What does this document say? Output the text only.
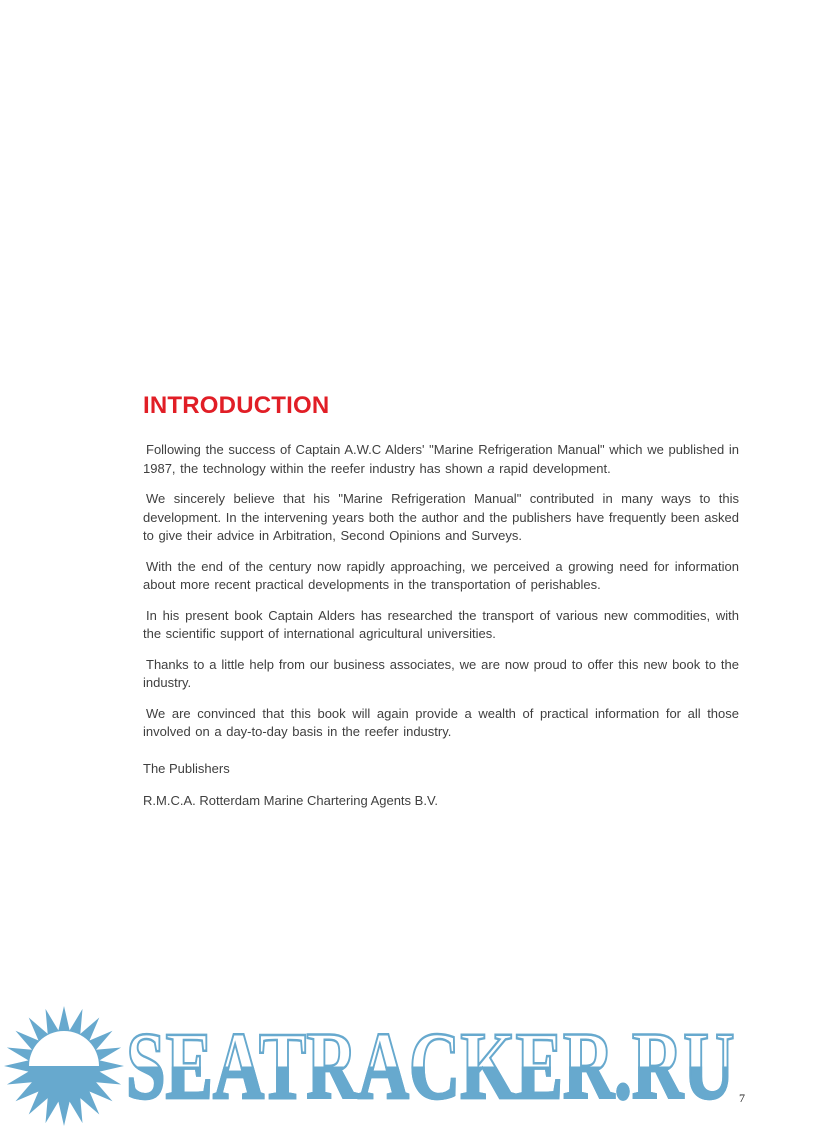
INTRODUCTION

Following the success of Captain A.W.C Alders' "Marine Refrigeration Manual" which we published in 1987, the technology within the reefer industry has shown a rapid development.

We sincerely believe that his "Marine Refrigeration Manual" contributed in many ways to this development. In the intervening years both the author and the publishers have frequently been asked to give their advice in Arbitration, Second Opinions and Surveys.

With the end of the century now rapidly approaching, we perceived a growing need for information about more recent practical developments in the transportation of perishables.

In his present book Captain Alders has researched the transport of various new commodities, with the scientific support of international agricultural universities.

Thanks to a little help from our business associates, we are now proud to offer this new book to the industry.

We are convinced that this book will again provide a wealth of practical information for all those involved on a day-to-day basis in the reefer industry.

The Publishers

R.M.C.A. Rotterdam Marine Chartering Agents B.V.

SEATRACKER.RU 7
